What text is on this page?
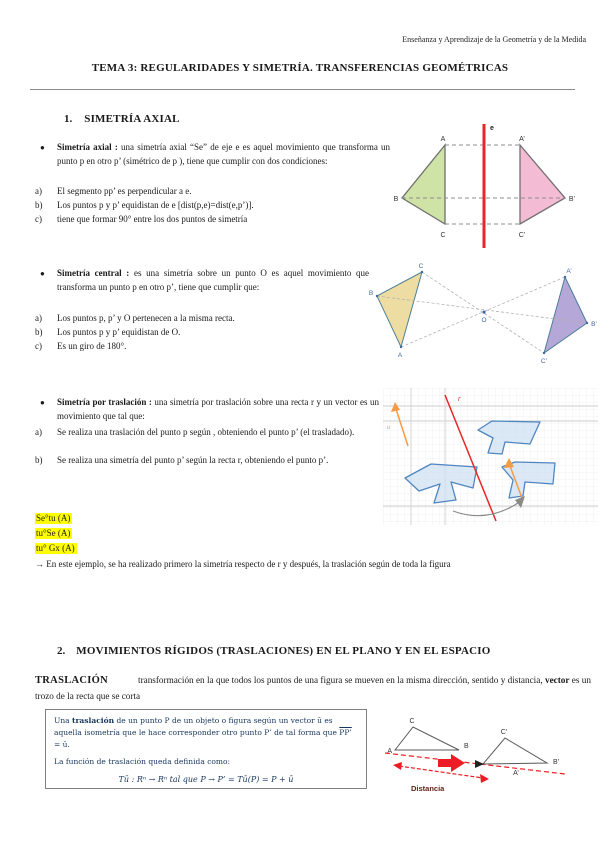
Enseñanza y Aprendizaje de la Geometría y de la Medida
TEMA 3: REGULARIDADES Y SIMETRÍA. TRANSFERENCIAS GEOMÉTRICAS
1. SIMETRÍA AXIAL
● Simetría axial : una simetría axial “Se” de eje e es aquel movimiento que transforma un punto p en otro p’ (simétrico de p ), tiene que cumplir con dos condiciones:
a) El segmento pp’ es perpendicular a e.
b) Los puntos p y p’ equidistan de e [dist(p,e)=dist(e,p’)].
c) tiene que formar 90° entre los dos puntos de simetría
e
A
B
C
A’
B’
C’
● Simetría central : es una simetría sobre un punto O es aquel movimiento que transforma un punto p en otro p’, tiene que cumplir que:
a) Los puntos p, p’ y O pertenecen a la misma recta.
b) Los puntos p y p’ equidistan de O.
c) Es un giro de 180°.
C
B
A
A’
B’
C’
O
● Simetría por traslación : una simetría por traslación sobre una recta r y un vector es un movimiento que tal que:
a) Se realiza una traslación del punto p según , obteniendo el punto p’ (el trasladado).
b) Se realiza una simetría del punto p’ según la recta r, obteniendo el punto p’.
r
u
Se°tu (A)
tu°Se (A)
tu° Gx (A)
→ En este ejemplo, se ha realizado primero la simetría respecto de r y después, la traslación según de toda la figura
2. MOVIMIENTOS RÍGIDOS (TRASLACIONES) EN EL PLANO Y EN EL ESPACIO
TRASLACIÓN	transformación en la que todos los puntos de una figura se mueven en la misma dirección, sentido y distancia, vector es un trozo de la recta que se corta
Una traslación de un punto P de un objeto o figura según un vector ū es aquella isometría que le hace corresponder otro punto P’ de tal forma que PP’ = ū.
La función de traslación queda definida como:
Tū : Rⁿ → Rⁿ tal que P → P’ = Tū(P) = P + ū
C
A
B
C’
A’
B’
Distancia
